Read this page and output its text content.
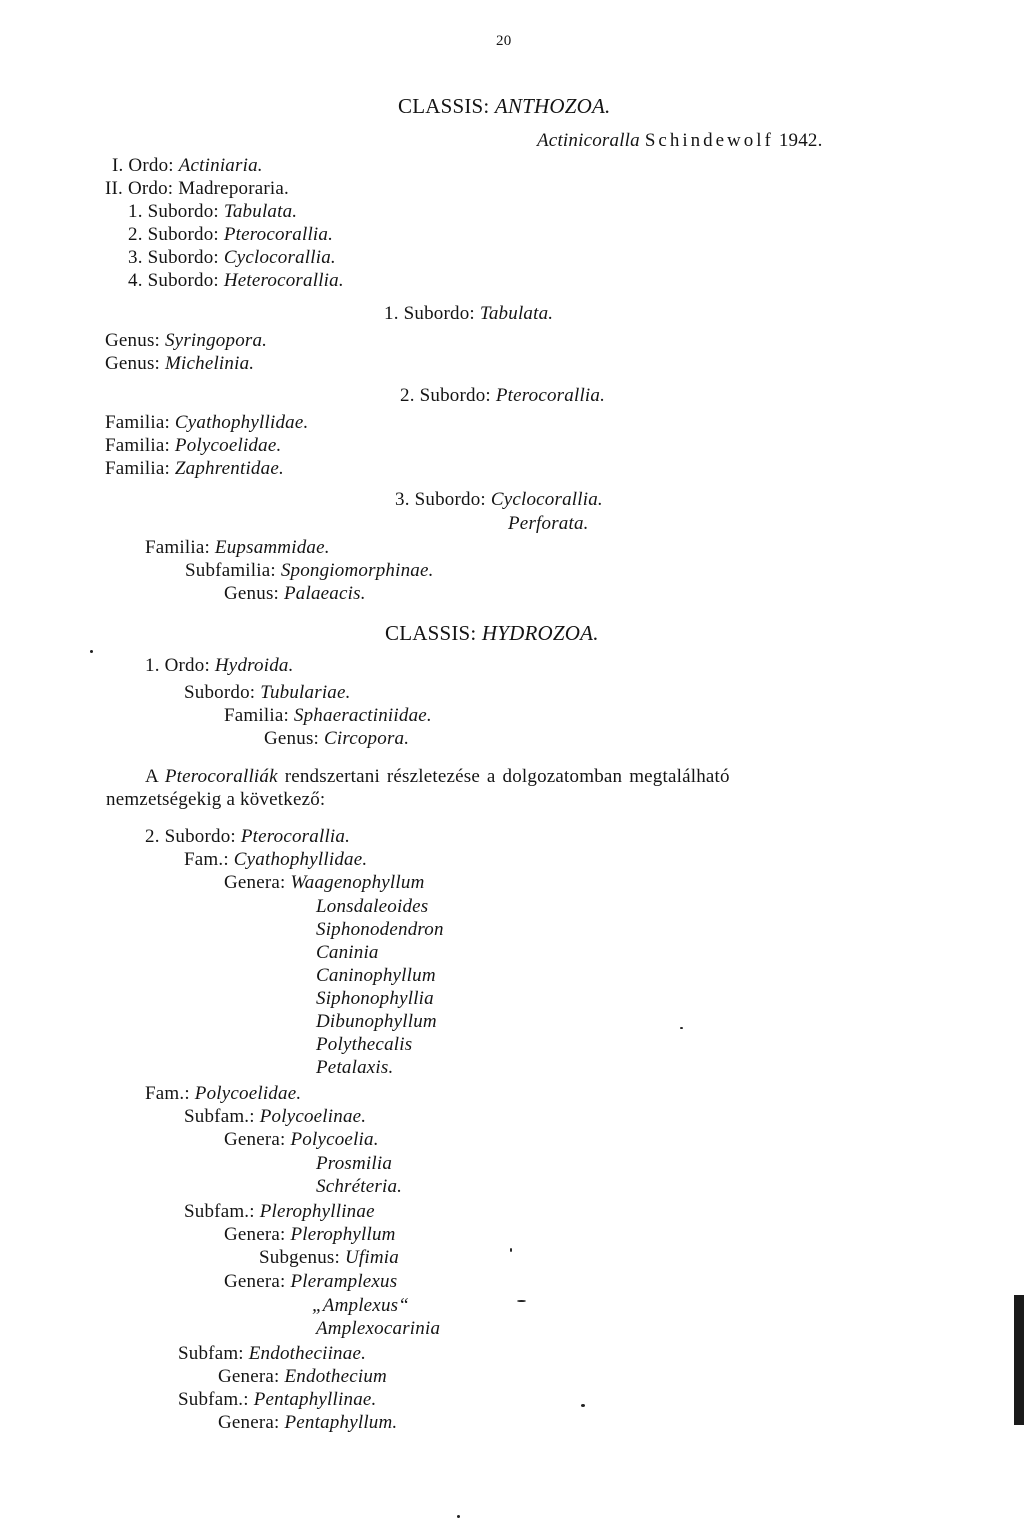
20
CLASSIS: ANTHOZOA.
Actinicoralla Schindewolf 1942.
I. Ordo: Actiniaria.
II. Ordo: Madreporaria.
1. Subordo: Tabulata.
2. Subordo: Pterocorallia.
3. Subordo: Cyclocorallia.
4. Subordo: Heterocorallia.
1. Subordo: Tabulata.
Genus: Syringopora.
Genus: Michelinia.
2. Subordo: Pterocorallia.
Familia: Cyathophyllidae.
Familia: Polycoelidae.
Familia: Zaphrentidae.
3. Subordo: Cyclocorallia.
Perforata.
Familia: Eupsammidae.
Subfamilia: Spongiomorphinae.
Genus: Palaeacis.
CLASSIS: HYDROZOA.
1. Ordo: Hydroida.
Subordo: Tubulariae.
Familia: Sphaeractiniidae.
Genus: Circopora.
A Pterocoralliák rendszertani részletezése a dolgozatomban megtalálható
nemzetségekig a következő:
2. Subordo: Pterocorallia.
Fam.: Cyathophyllidae.
Genera: Waagenophyllum
Lonsdaleoides
Siphonodendron
Caninia
Caninophyllum
Siphonophyllia
Dibunophyllum
Polythecalis
Petalaxis.
Fam.: Polycoelidae.
Subfam.: Polycoelinae.
Genera: Polycoelia.
Prosmilia
Schréteria.
Subfam.: Plerophyllinae
Genera: Plerophyllum
Subgenus: Ufimia
Genera: Pleramplexus
„Amplexus“
Amplexocarinia
Subfam: Endotheciinae.
Genera: Endothecium
Subfam.: Pentaphyllinae.
Genera: Pentaphyllum.
